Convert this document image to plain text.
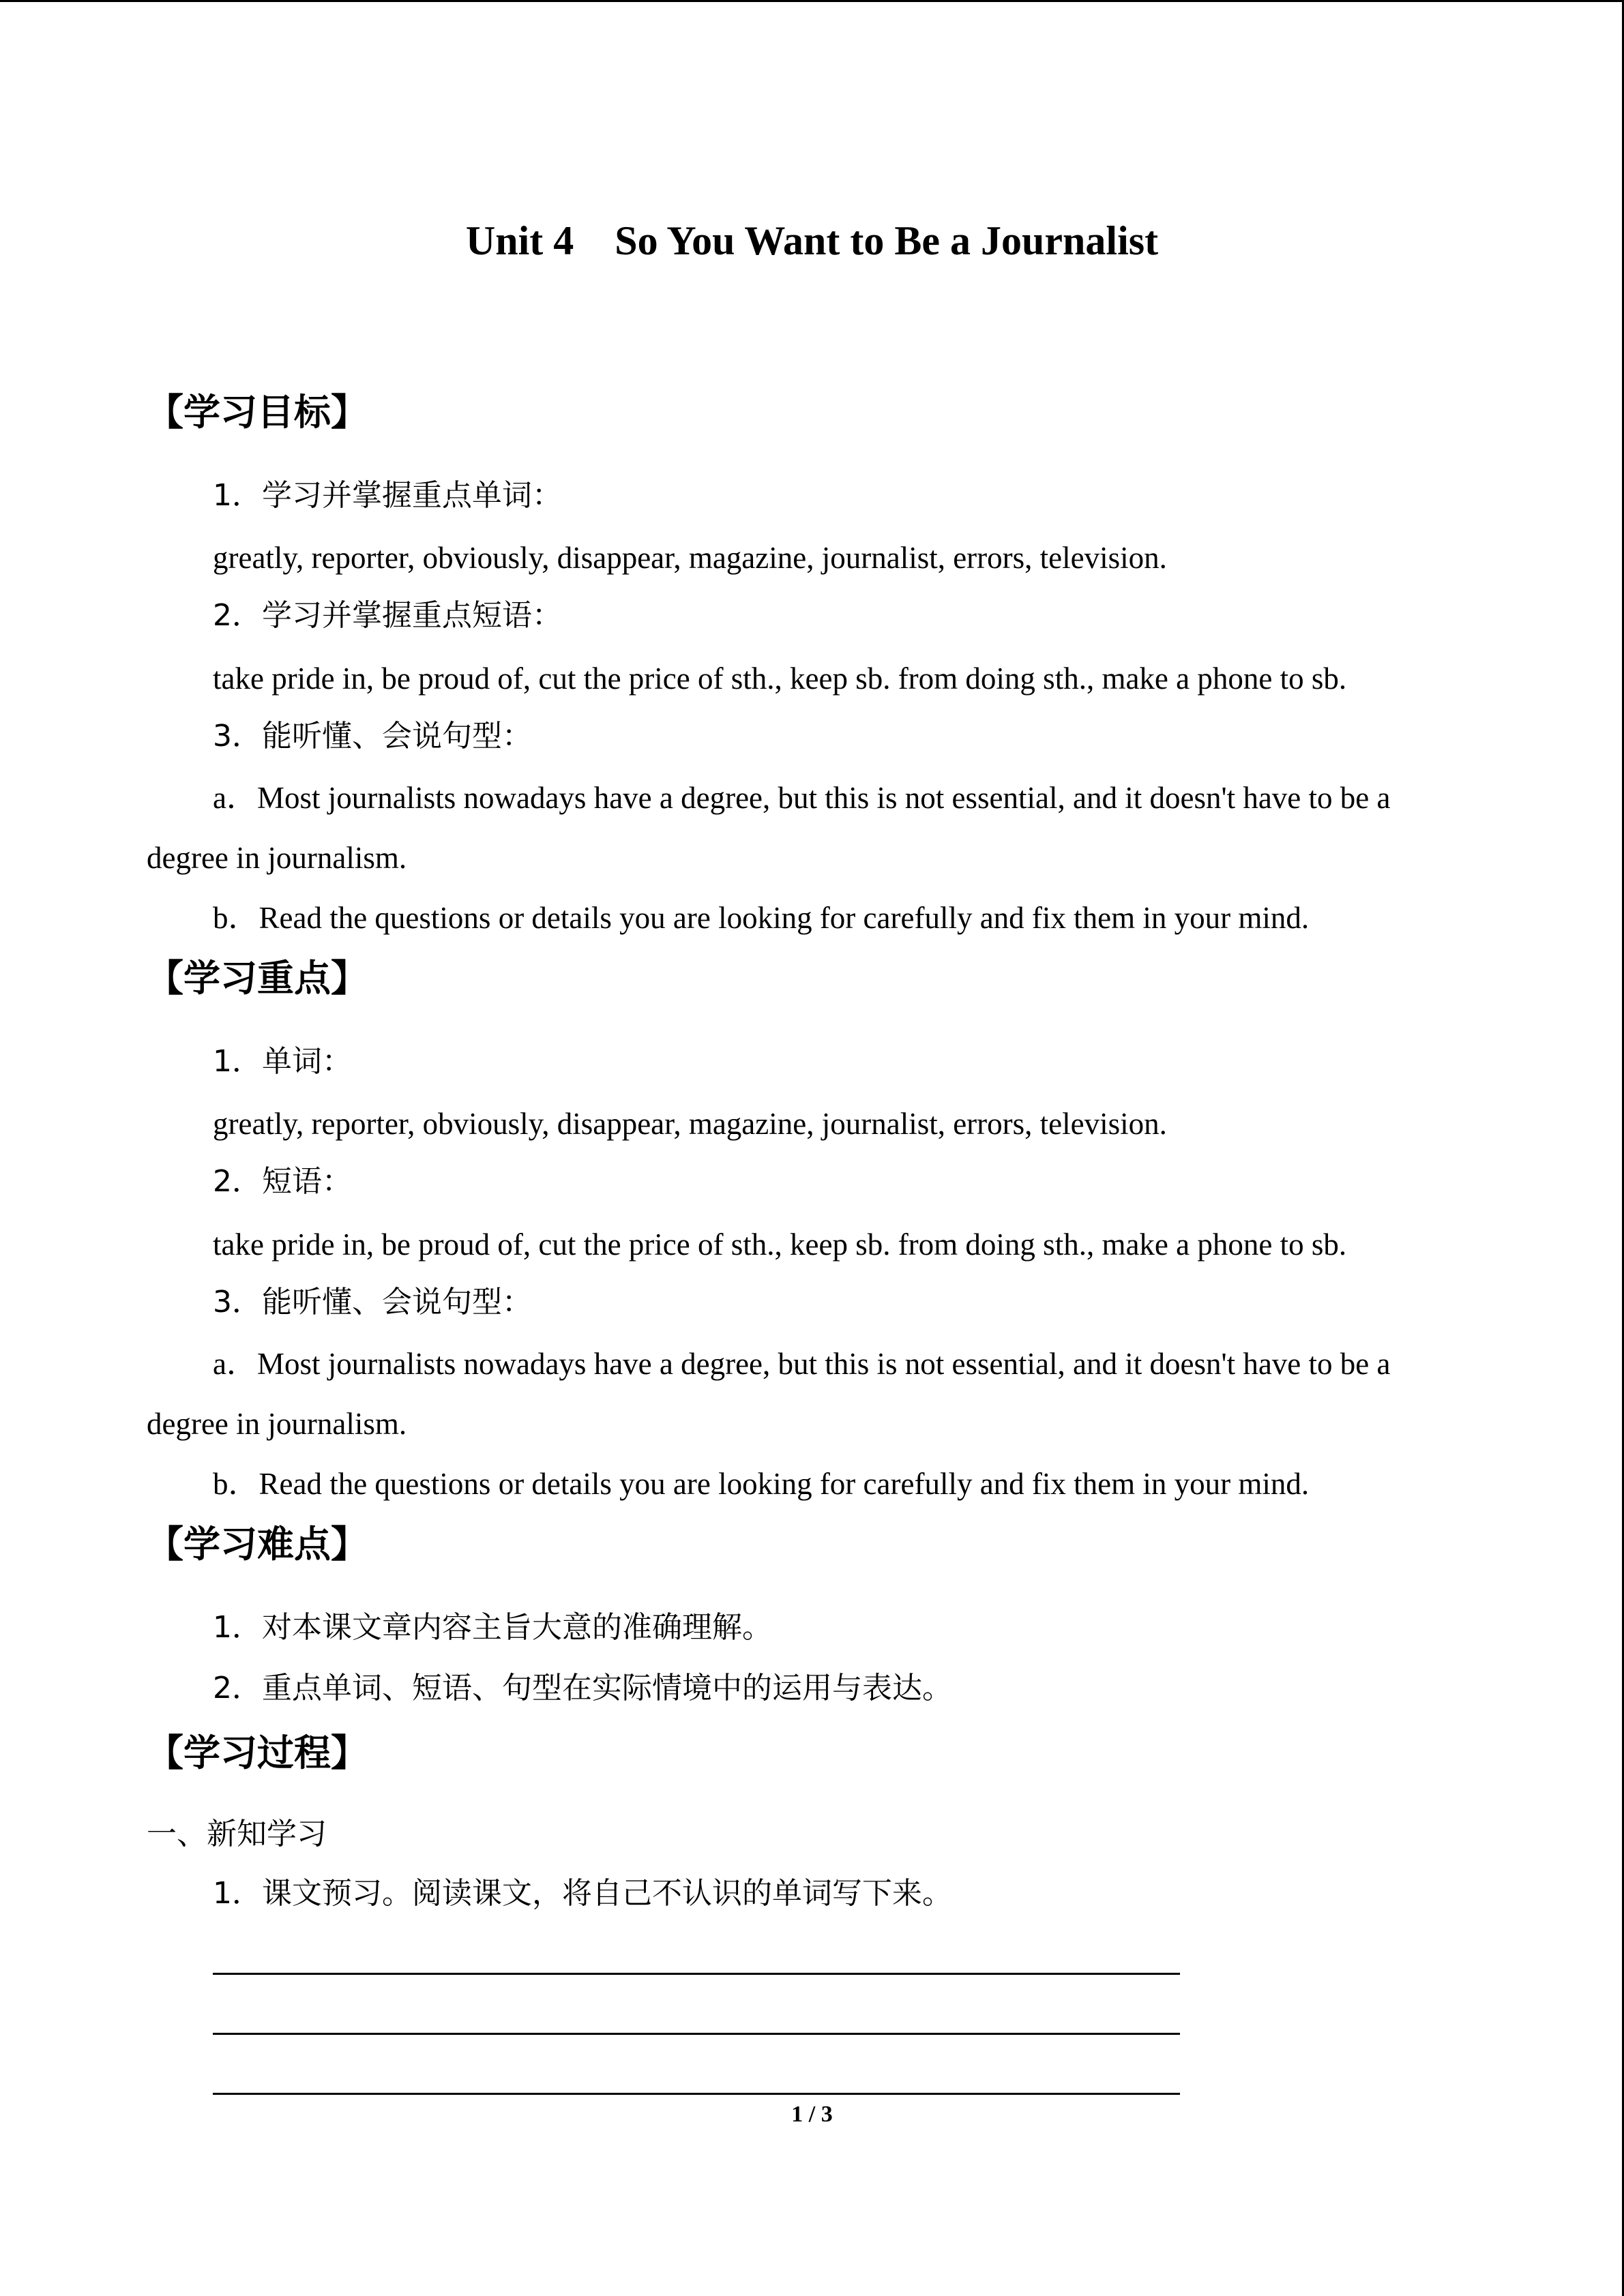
Unit 4    So You Want to Be a Journalist
【学习目标】
1．学习并掌握重点单词：
greatly, reporter, obviously, disappear, magazine, journalist, errors, television.
2．学习并掌握重点短语：
take pride in, be proud of, cut the price of sth., keep sb. from doing sth., make a phone to sb.
3．能听懂、会说句型：
a．Most journalists nowadays have a degree, but this is not essential, and it doesn't have to be a
degree in journalism.
b．Read the questions or details you are looking for carefully and fix them in your mind.
【学习重点】
1．单词：
greatly, reporter, obviously, disappear, magazine, journalist, errors, television.
2．短语：
take pride in, be proud of, cut the price of sth., keep sb. from doing sth., make a phone to sb.
3．能听懂、会说句型：
a．Most journalists nowadays have a degree, but this is not essential, and it doesn't have to be a
degree in journalism.
b．Read the questions or details you are looking for carefully and fix them in your mind.
【学习难点】
1．对本课文章内容主旨大意的准确理解。
2．重点单词、短语、句型在实际情境中的运用与表达。
【学习过程】
一、新知学习
1．课文预习。阅读课文，将自己不认识的单词写下来。
1 / 3
